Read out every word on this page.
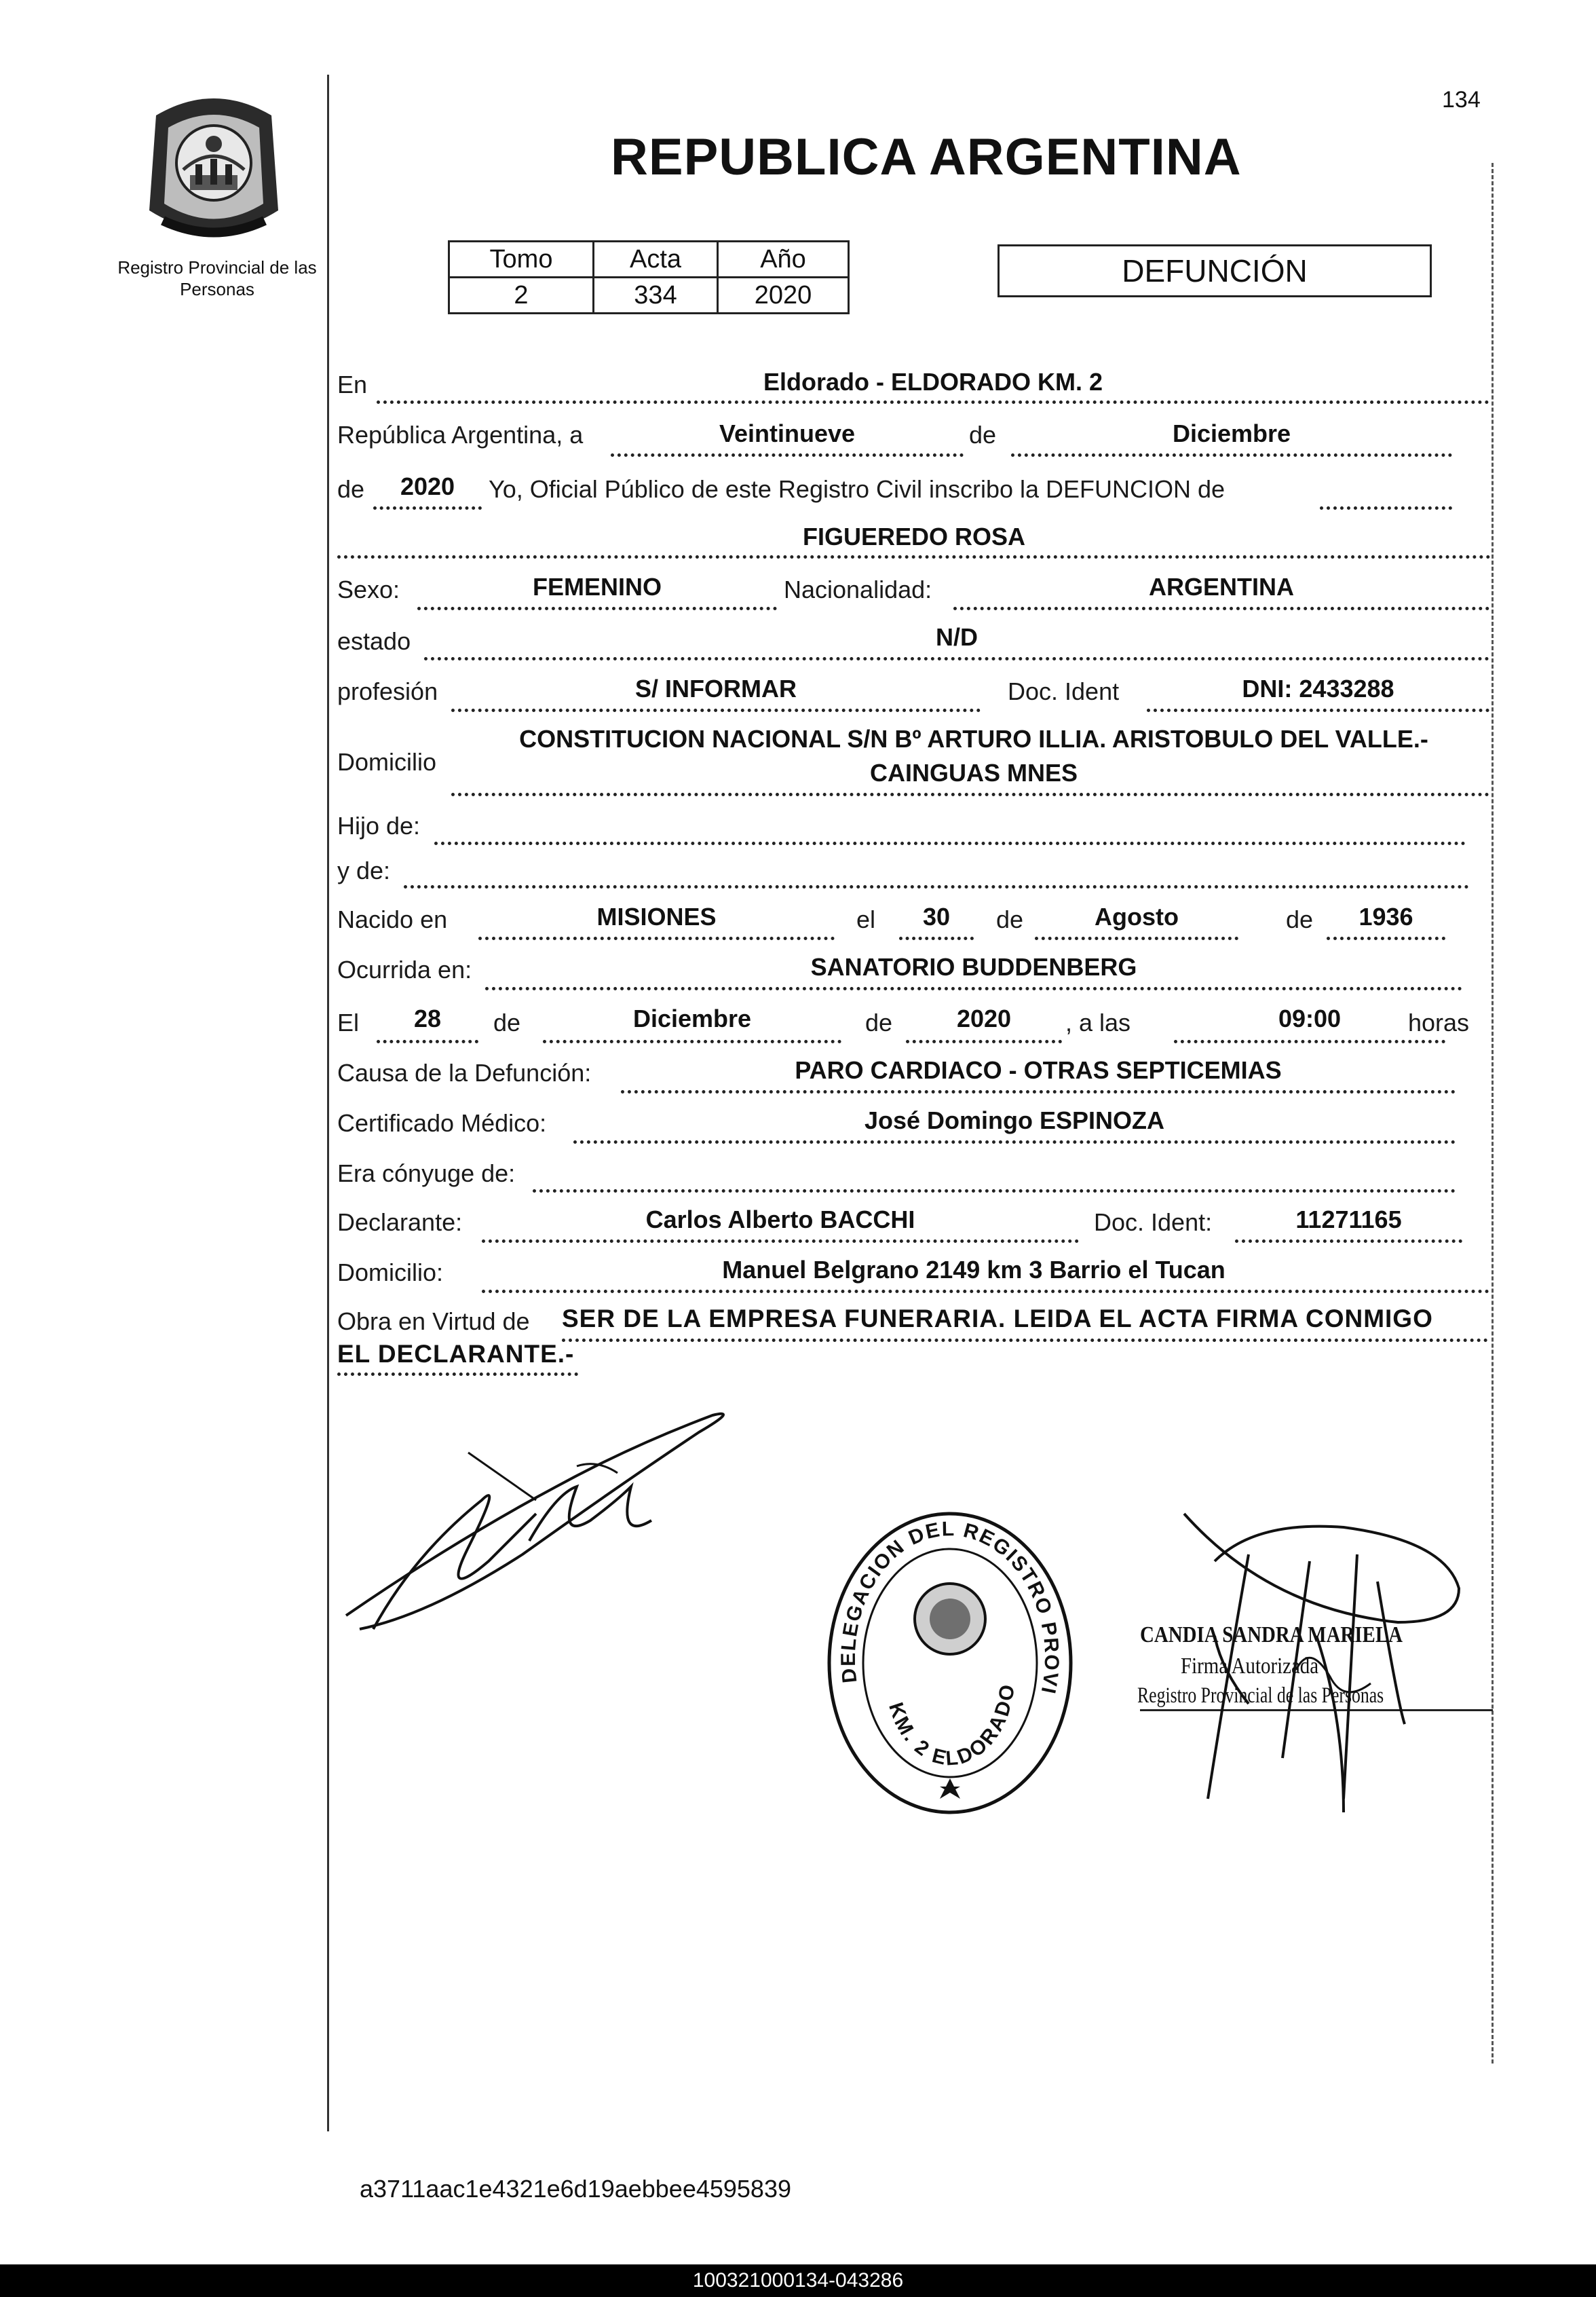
134
Registro Provincial de las Personas
REPUBLICA ARGENTINA
Tomo	Acta	Año
2	334	2020
DEFUNCIÓN
En	Eldorado - ELDORADO KM. 2
República Argentina, a	Veintinueve	de	Diciembre
de	2020	Yo, Oficial Público de este Registro Civil inscribo la DEFUNCION de
FIGUEREDO ROSA
Sexo:	FEMENINO	Nacionalidad:	ARGENTINA
estado	N/D
profesión	S/ INFORMAR	Doc. Ident	DNI: 2433288
Domicilio
CONSTITUCION NACIONAL S/N Bº ARTURO ILLIA. ARISTOBULO DEL VALLE.-
CAINGUAS MNES
Hijo de:
y de:
Nacido en	MISIONES	el	30	de	Agosto	de	1936
Ocurrida en:	SANATORIO BUDDENBERG
El	28	de	Diciembre	de	2020	, a las	09:00	horas
Causa de la Defunción:	PARO CARDIACO - OTRAS SEPTICEMIAS
Certificado Médico:	José Domingo ESPINOZA
Era cónyuge de:
Declarante:	Carlos Alberto BACCHI	Doc. Ident:	11271165
Domicilio:	Manuel Belgrano 2149 km 3 Barrio el Tucan
Obra en Virtud de SER DE LA EMPRESA FUNERARIA. LEIDA EL ACTA FIRMA CONMIGO
EL DECLARANTE.-
DELEGACION DEL REGISTRO PROVI
KM. 2 ELDORADO
CANDIA SANDRA MARIELA
Firma Autorizada
Registro Provincial de las Personas
a3711aac1e4321e6d19aebbee4595839
100321000134-043286
